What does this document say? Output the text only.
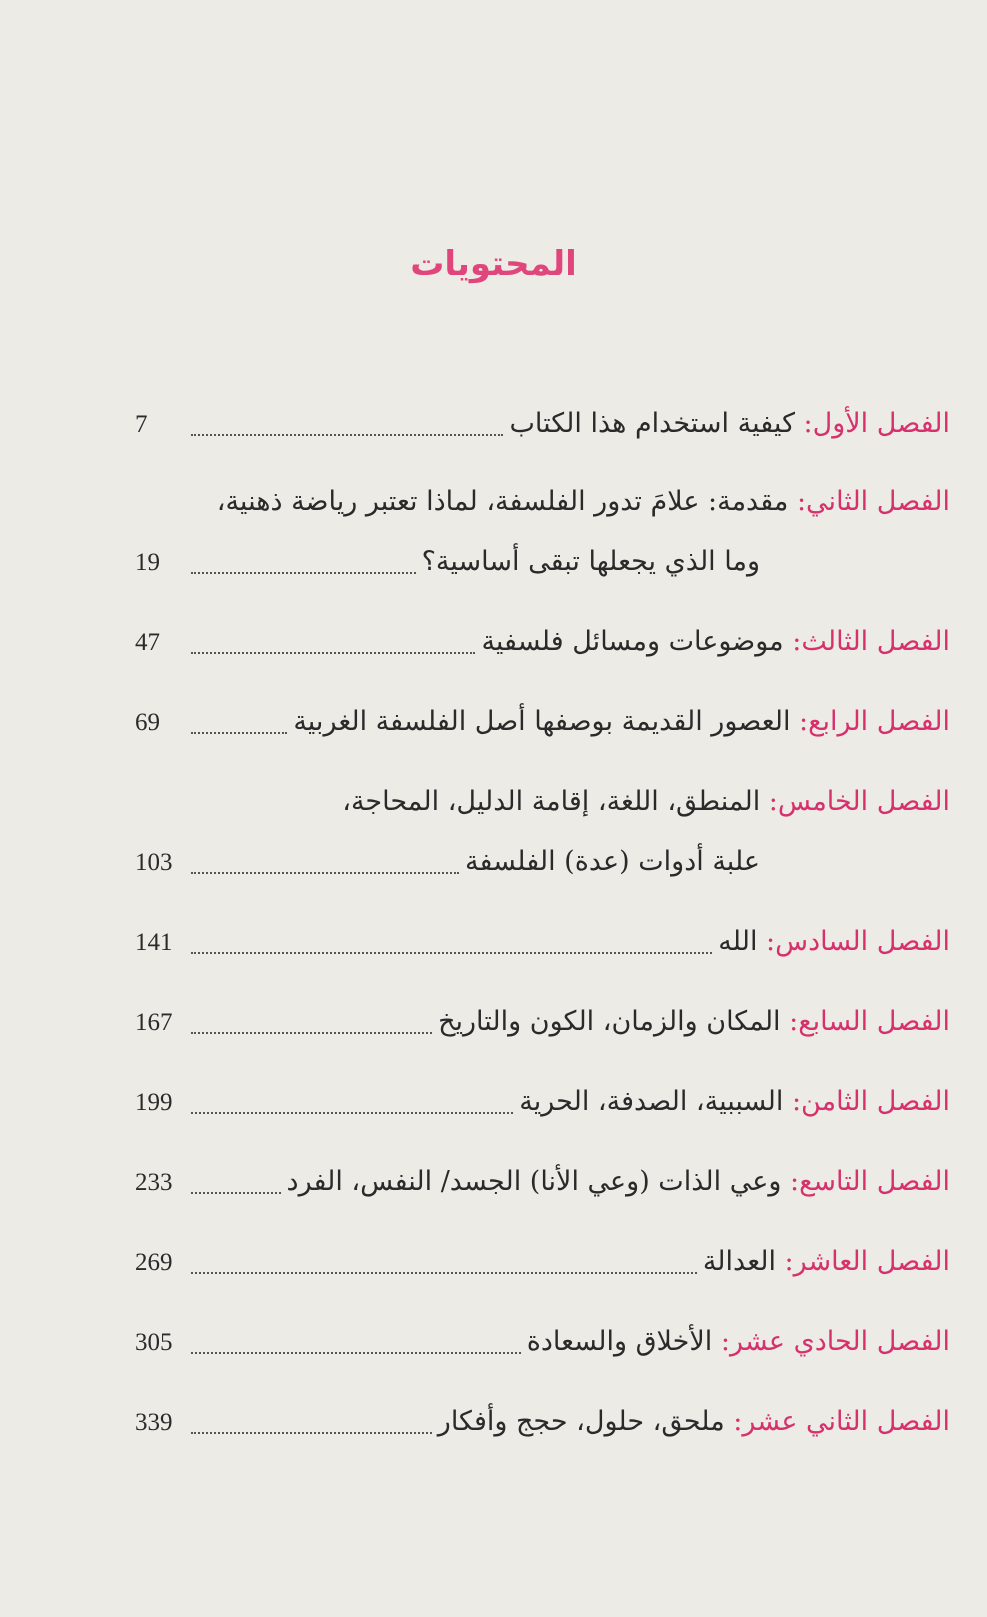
المحتويات
7	الفصل الأول: كيفية استخدام هذا الكتاب
الفصل الثاني: مقدمة: علامَ تدور الفلسفة، لماذا تعتبر رياضة ذهنية،
19	وما الذي يجعلها تبقى أساسية؟
47	الفصل الثالث: موضوعات ومسائل فلسفية
69	الفصل الرابع: العصور القديمة بوصفها أصل الفلسفة الغربية
الفصل الخامس: المنطق، اللغة، إقامة الدليل، المحاجة،
103	علبة أدوات (عدة) الفلسفة
141	الفصل السادس: الله
167	الفصل السابع: المكان والزمان، الكون والتاريخ
199	الفصل الثامن: السببية، الصدفة، الحرية
233	الفصل التاسع: وعي الذات (وعي الأنا) الجسد/ النفس، الفرد
269	الفصل العاشر: العدالة
305	الفصل الحادي عشر: الأخلاق والسعادة
339	الفصل الثاني عشر: ملحق، حلول، حجج وأفكار
